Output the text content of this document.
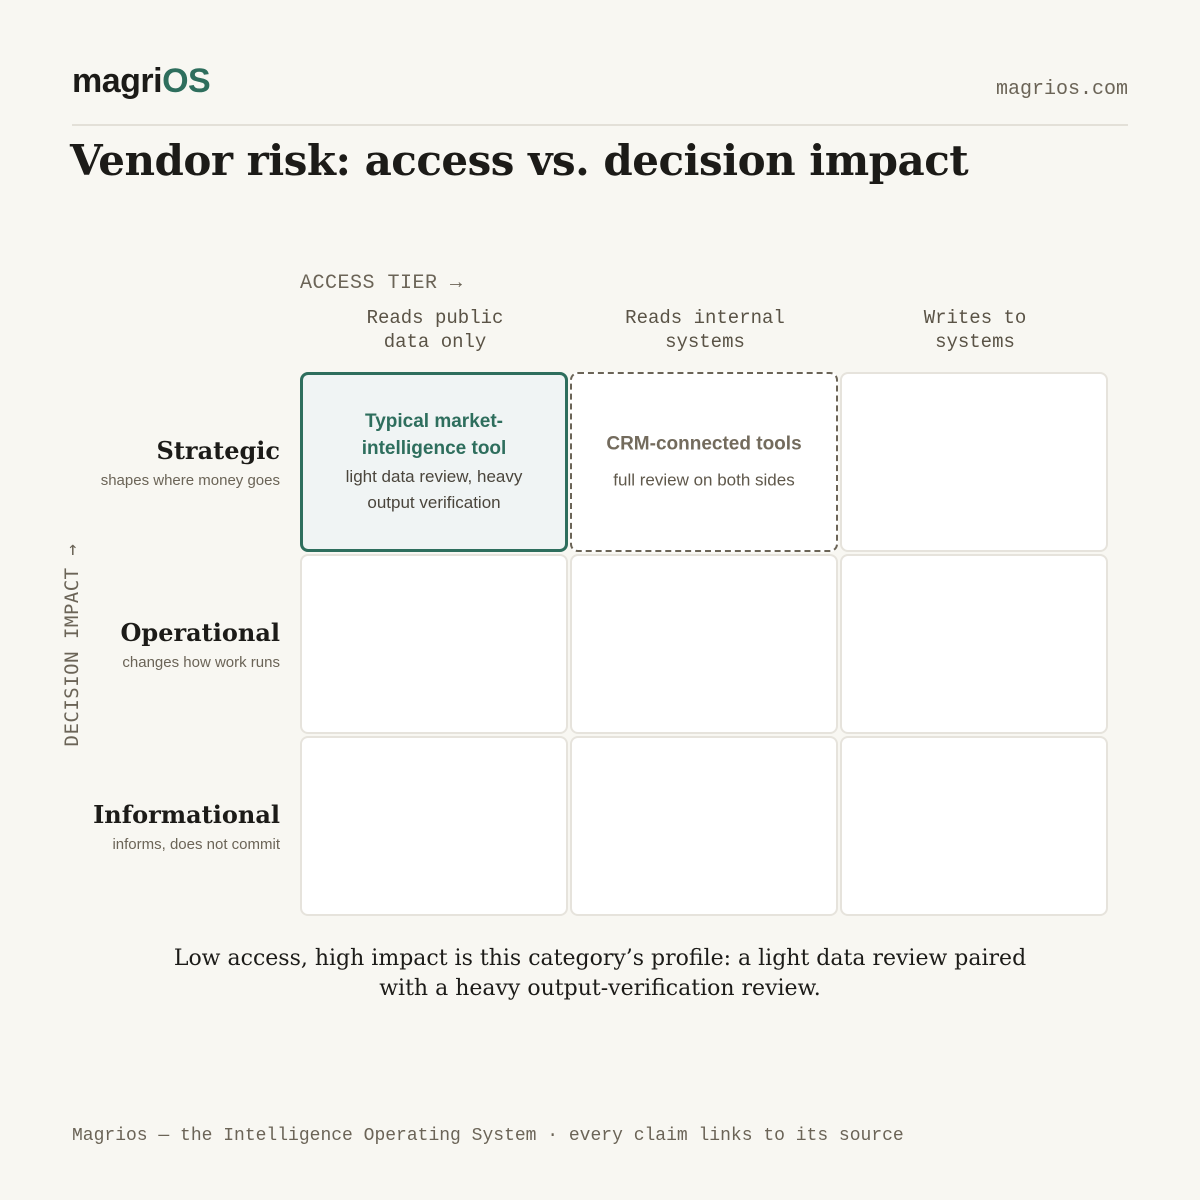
magriOS	magrios.com
Vendor risk: access vs. decision impact
ACCESS TIER →
Reads public
data only
Reads internal
systems
Writes to
systems
DECISION IMPACT →
Strategic
shapes where money goes
Operational
changes how work runs
Informational
informs, does not commit
Typical market-intelligence tool
light data review, heavy output verification
CRM-connected tools
full review on both sides
Low access, high impact is this category’s profile: a light data review paired with a heavy output-verification review.
Magrios — the Intelligence Operating System · every claim links to its source
